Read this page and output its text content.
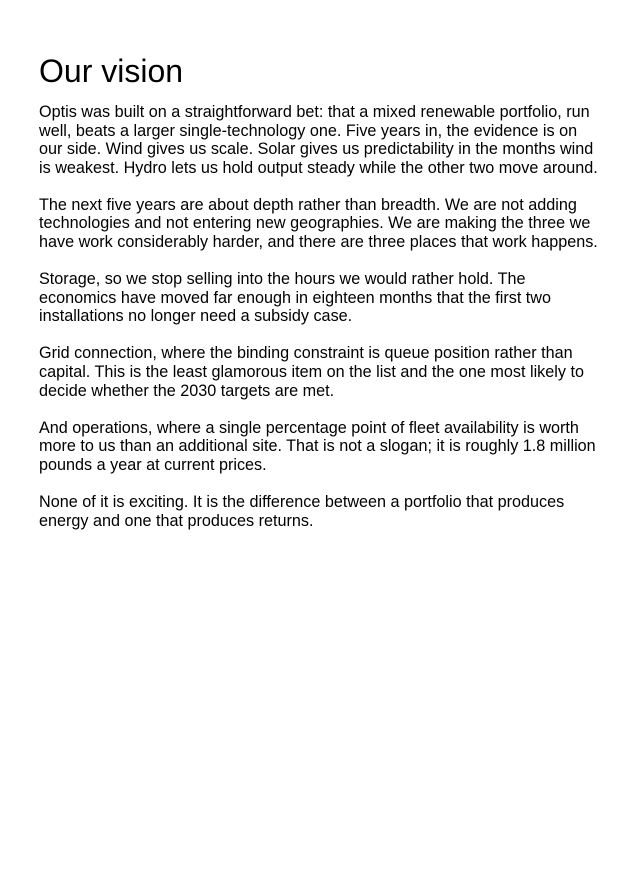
Our vision

Optis was built on a straightforward bet: that a mixed renewable portfolio, run well, beats a larger single-technology one. Five years in, the evidence is on our side. Wind gives us scale. Solar gives us predictability in the months wind is weakest. Hydro lets us hold output steady while the other two move around.

The next five years are about depth rather than breadth. We are not adding technologies and not entering new geographies. We are making the three we have work considerably harder, and there are three places that work happens.

Storage, so we stop selling into the hours we would rather hold. The economics have moved far enough in eighteen months that the first two installations no longer need a subsidy case.

Grid connection, where the binding constraint is queue position rather than capital. This is the least glamorous item on the list and the one most likely to decide whether the 2030 targets are met.

And operations, where a single percentage point of fleet availability is worth more to us than an additional site. That is not a slogan; it is roughly 1.8 million pounds a year at current prices.

None of it is exciting. It is the difference between a portfolio that produces energy and one that produces returns.
